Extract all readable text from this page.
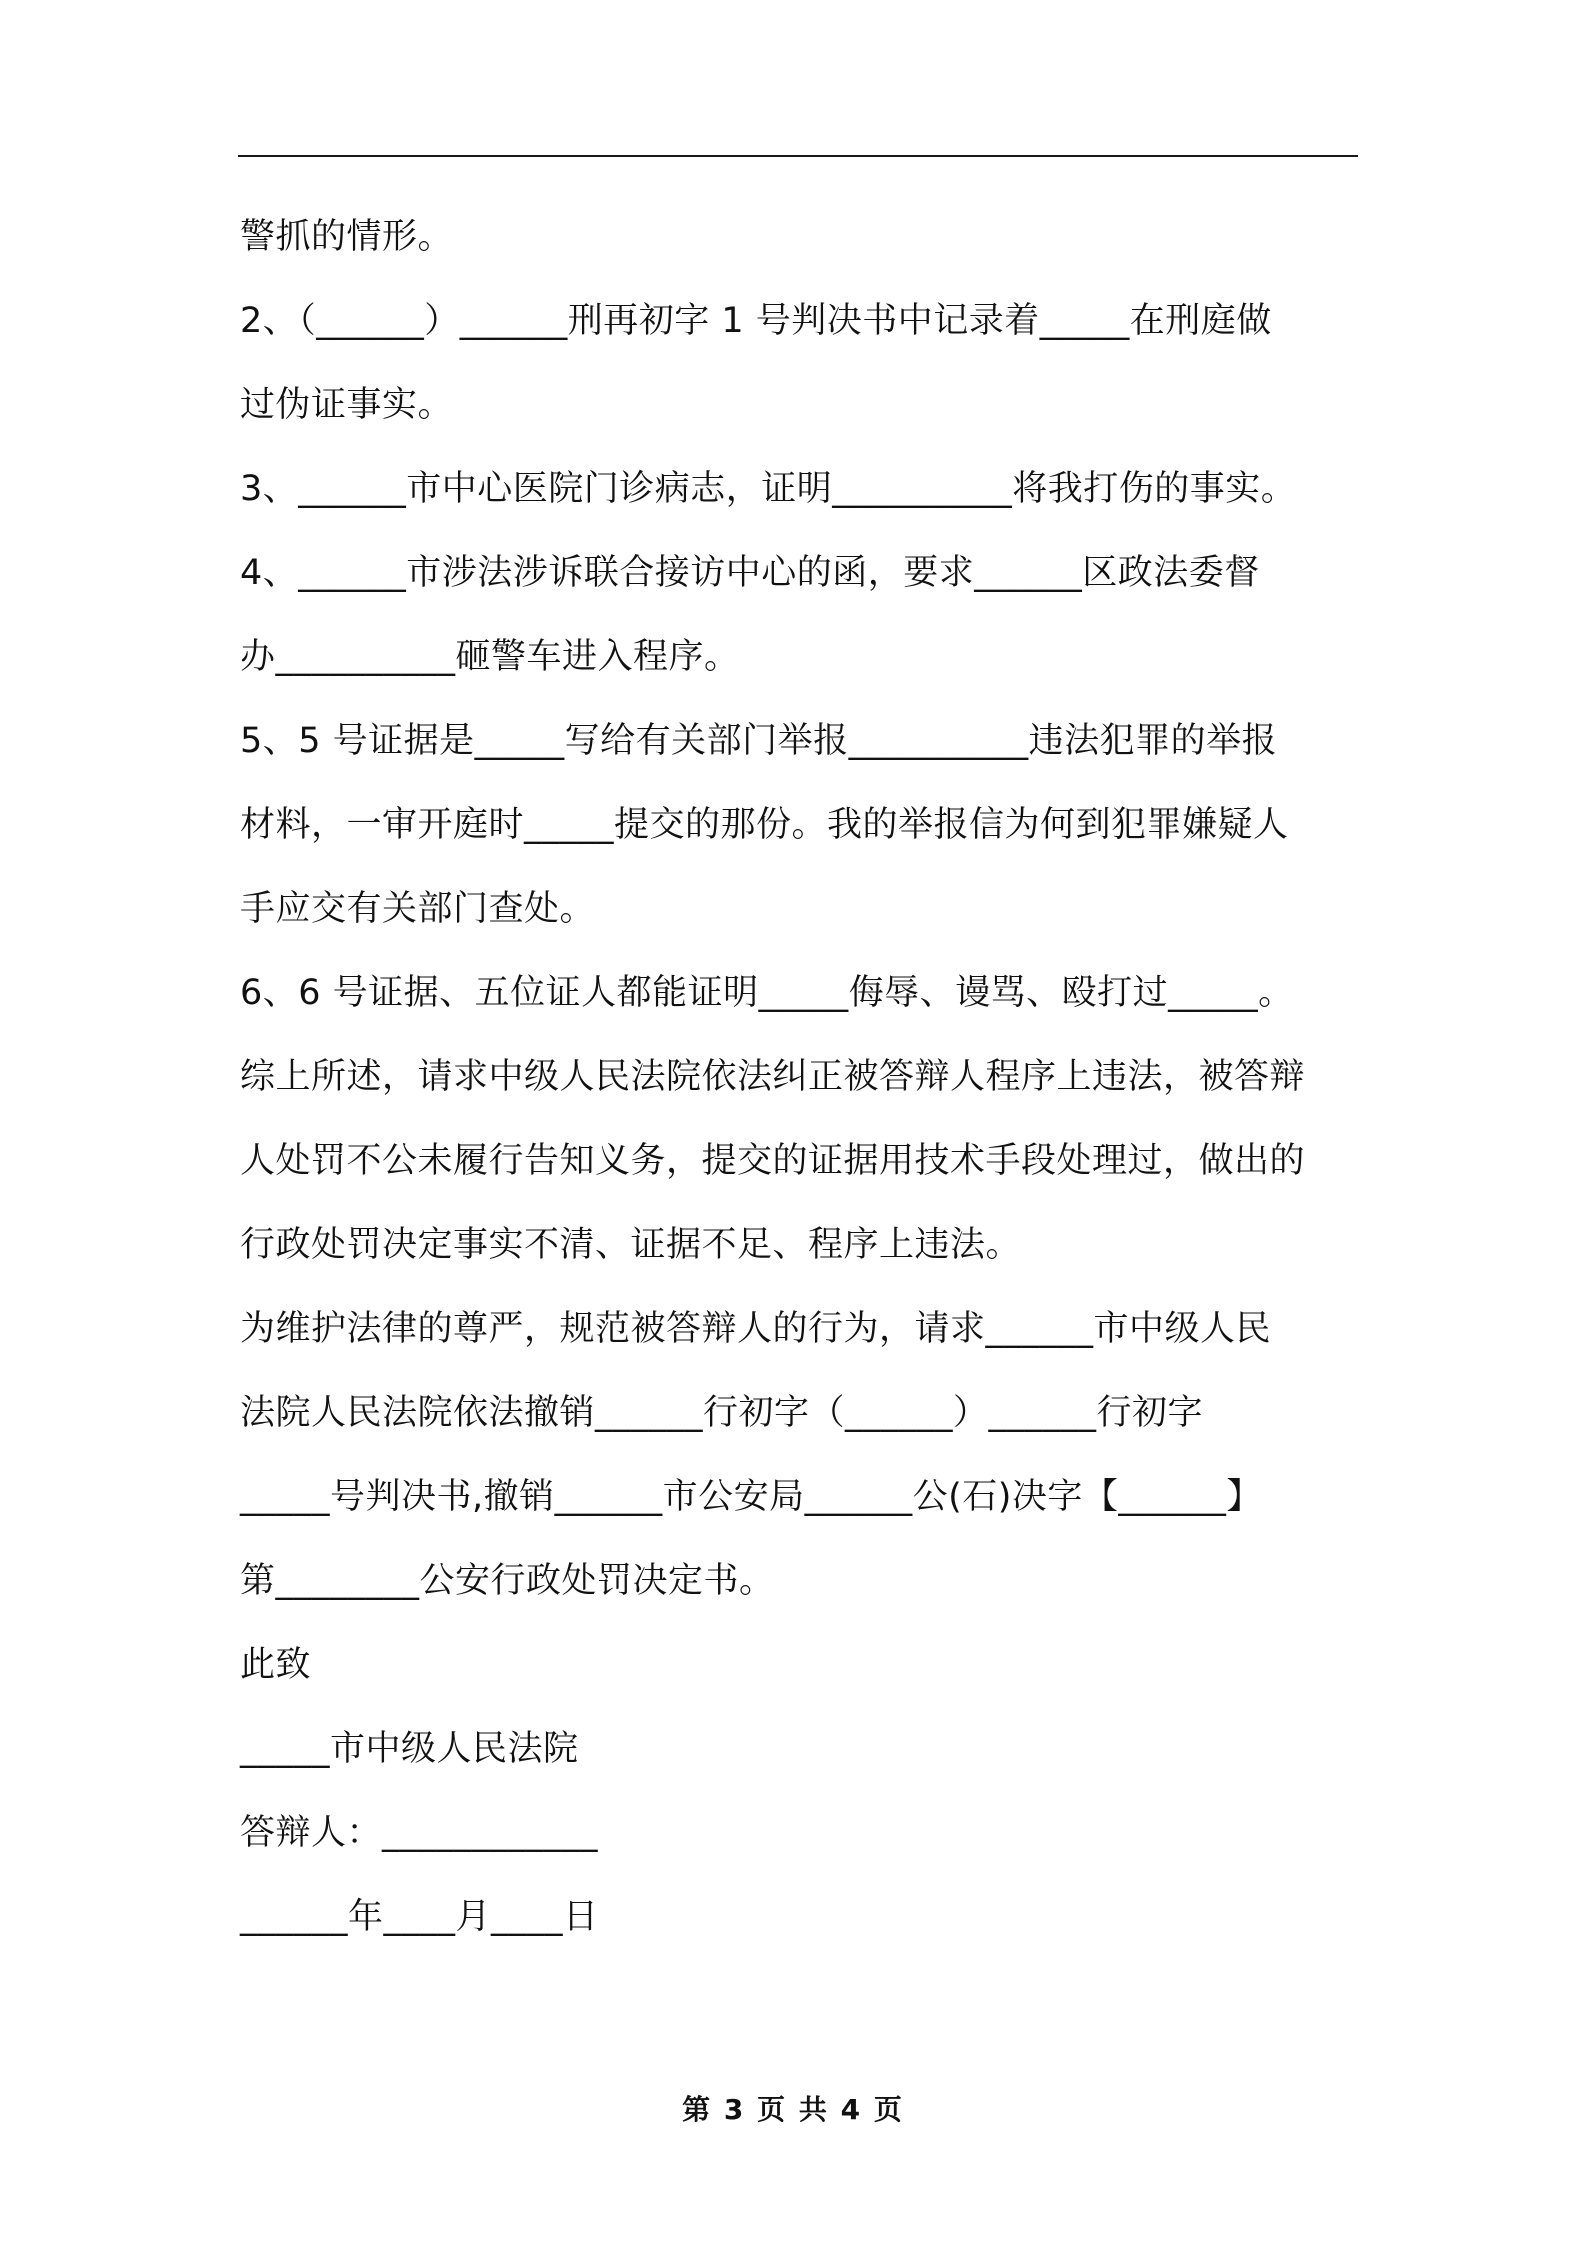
警抓的情形。
2、（______）______刑再初字 1 号判决书中记录着_____在刑庭做
过伪证事实。
3、______市中心医院门诊病志，证明__________将我打伤的事实。
4、______市涉法涉诉联合接访中心的函，要求______区政法委督
办__________砸警车进入程序。
5、5 号证据是_____写给有关部门举报__________违法犯罪的举报
材料，一审开庭时_____提交的那份。我的举报信为何到犯罪嫌疑人
手应交有关部门查处。
6、6 号证据、五位证人都能证明_____侮辱、谩骂、殴打过_____。
综上所述，请求中级人民法院依法纠正被答辩人程序上违法，被答辩
人处罚不公未履行告知义务，提交的证据用技术手段处理过，做出的
行政处罚决定事实不清、证据不足、程序上违法。
为维护法律的尊严，规范被答辩人的行为，请求______市中级人民
法院人民法院依法撤销______行初字（______）______行初字
_____号判决书,撤销______市公安局______公(石)决字【______】
第________公安行政处罚决定书。
此致
_____市中级人民法院
答辩人：____________
______年____月____日
第 3 页 共 4 页
